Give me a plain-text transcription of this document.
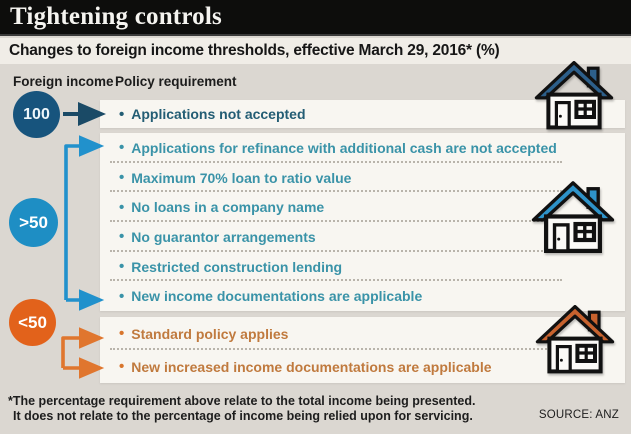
Tightening controls
Changes to foreign income thresholds, effective March 29, 2016* (%)
Foreign income Policy requirement
•
Applications not accepted
•
Applications for refinance with additional cash are not accepted
•
Maximum 70% loan to ratio value
•
No loans in a company name
•
No guarantor arrangements
•
Restricted construction lending
•
New income documentations are applicable
•
Standard policy applies
•
New increased income documentations are applicable
100
>50
<50
*The percentage requirement above relate to the total income being presented.
It does not relate to the percentage of income being relied upon for servicing.	SOURCE: ANZ
